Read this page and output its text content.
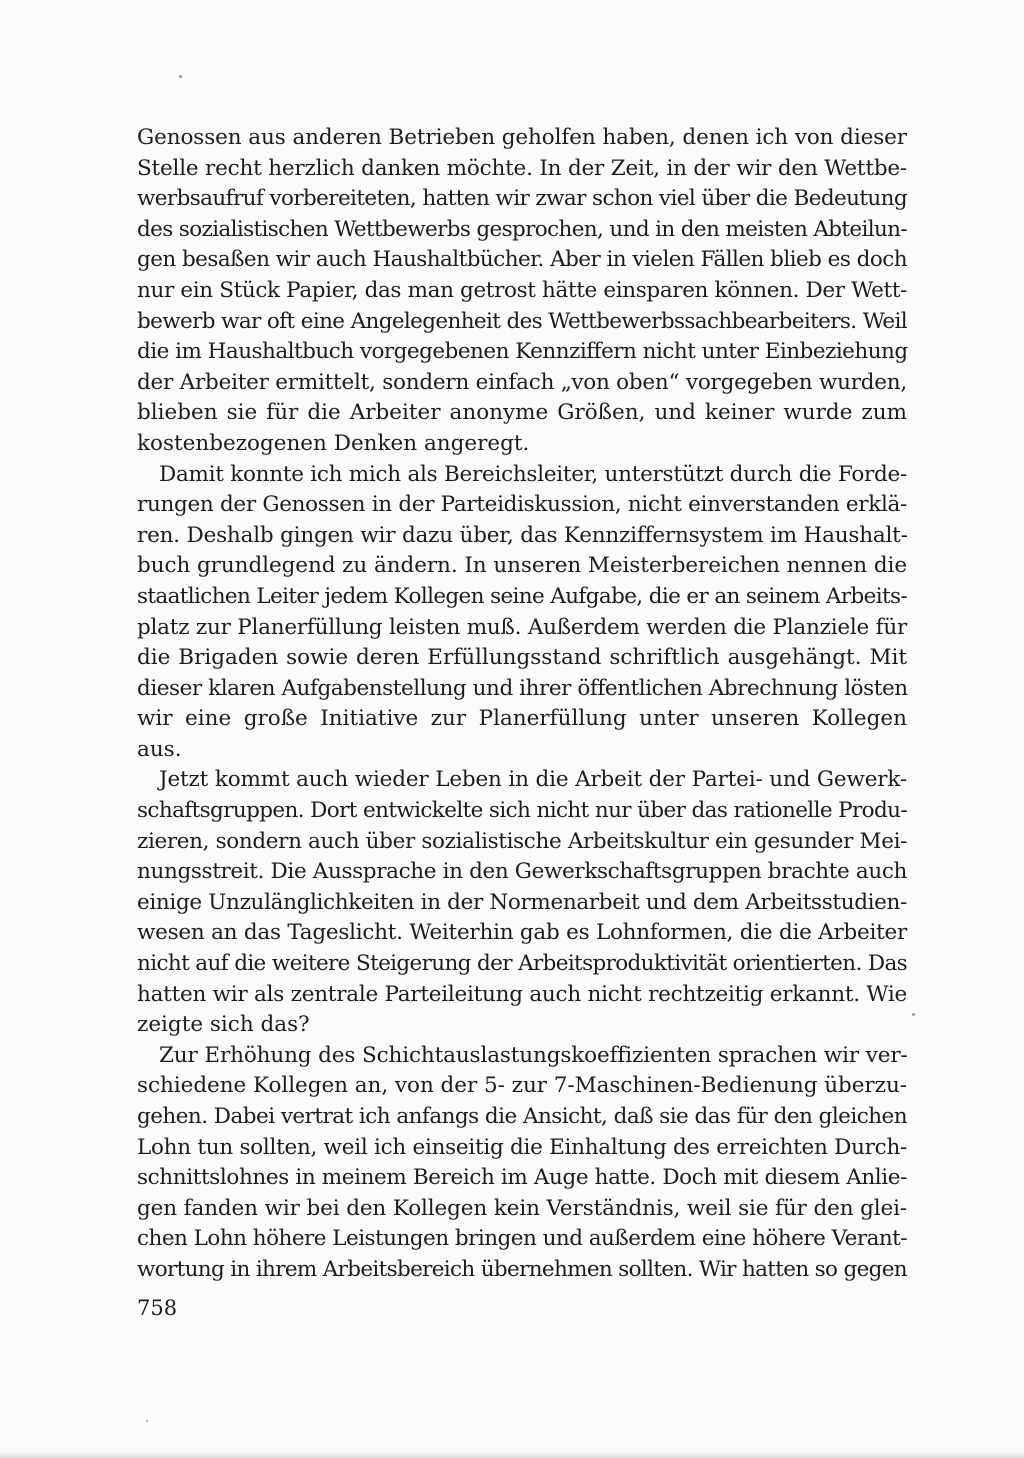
Genossen aus anderen Betrieben geholfen haben, denen ich von dieser
Stelle recht herzlich danken möchte. In der Zeit, in der wir den Wettbe-
werbsaufruf vorbereiteten, hatten wir zwar schon viel über die Bedeutung
des sozialistischen Wettbewerbs gesprochen, und in den meisten Abteilun-
gen besaßen wir auch Haushaltbücher. Aber in vielen Fällen blieb es doch
nur ein Stück Papier, das man getrost hätte einsparen können. Der Wett-
bewerb war oft eine Angelegenheit des Wettbewerbssachbearbeiters. Weil
die im Haushaltbuch vorgegebenen Kennziffern nicht unter Einbeziehung
der Arbeiter ermittelt, sondern einfach „von oben“ vorgegeben wurden,
blieben sie für die Arbeiter anonyme Größen, und keiner wurde zum
kostenbezogenen Denken angeregt.
Damit konnte ich mich als Bereichsleiter, unterstützt durch die Forde-
rungen der Genossen in der Parteidiskussion, nicht einverstanden erklä-
ren. Deshalb gingen wir dazu über, das Kennziffernsystem im Haushalt-
buch grundlegend zu ändern. In unseren Meisterbereichen nennen die
staatlichen Leiter jedem Kollegen seine Aufgabe, die er an seinem Arbeits-
platz zur Planerfüllung leisten muß. Außerdem werden die Planziele für
die Brigaden sowie deren Erfüllungsstand schriftlich ausgehängt. Mit
dieser klaren Aufgabenstellung und ihrer öffentlichen Abrechnung lösten
wir eine große Initiative zur Planerfüllung unter unseren Kollegen
aus.
Jetzt kommt auch wieder Leben in die Arbeit der Partei- und Gewerk-
schaftsgruppen. Dort entwickelte sich nicht nur über das rationelle Produ-
zieren, sondern auch über sozialistische Arbeitskultur ein gesunder Mei-
nungsstreit. Die Aussprache in den Gewerkschaftsgruppen brachte auch
einige Unzulänglichkeiten in der Normenarbeit und dem Arbeitsstudien-
wesen an das Tageslicht. Weiterhin gab es Lohnformen, die die Arbeiter
nicht auf die weitere Steigerung der Arbeitsproduktivität orientierten. Das
hatten wir als zentrale Parteileitung auch nicht rechtzeitig erkannt. Wie
zeigte sich das?
Zur Erhöhung des Schichtauslastungskoeffizienten sprachen wir ver-
schiedene Kollegen an, von der 5- zur 7-Maschinen-Bedienung überzu-
gehen. Dabei vertrat ich anfangs die Ansicht, daß sie das für den gleichen
Lohn tun sollten, weil ich einseitig die Einhaltung des erreichten Durch-
schnittslohnes in meinem Bereich im Auge hatte. Doch mit diesem Anlie-
gen fanden wir bei den Kollegen kein Verständnis, weil sie für den glei-
chen Lohn höhere Leistungen bringen und außerdem eine höhere Verant-
wortung in ihrem Arbeitsbereich übernehmen sollten. Wir hatten so gegen
758
